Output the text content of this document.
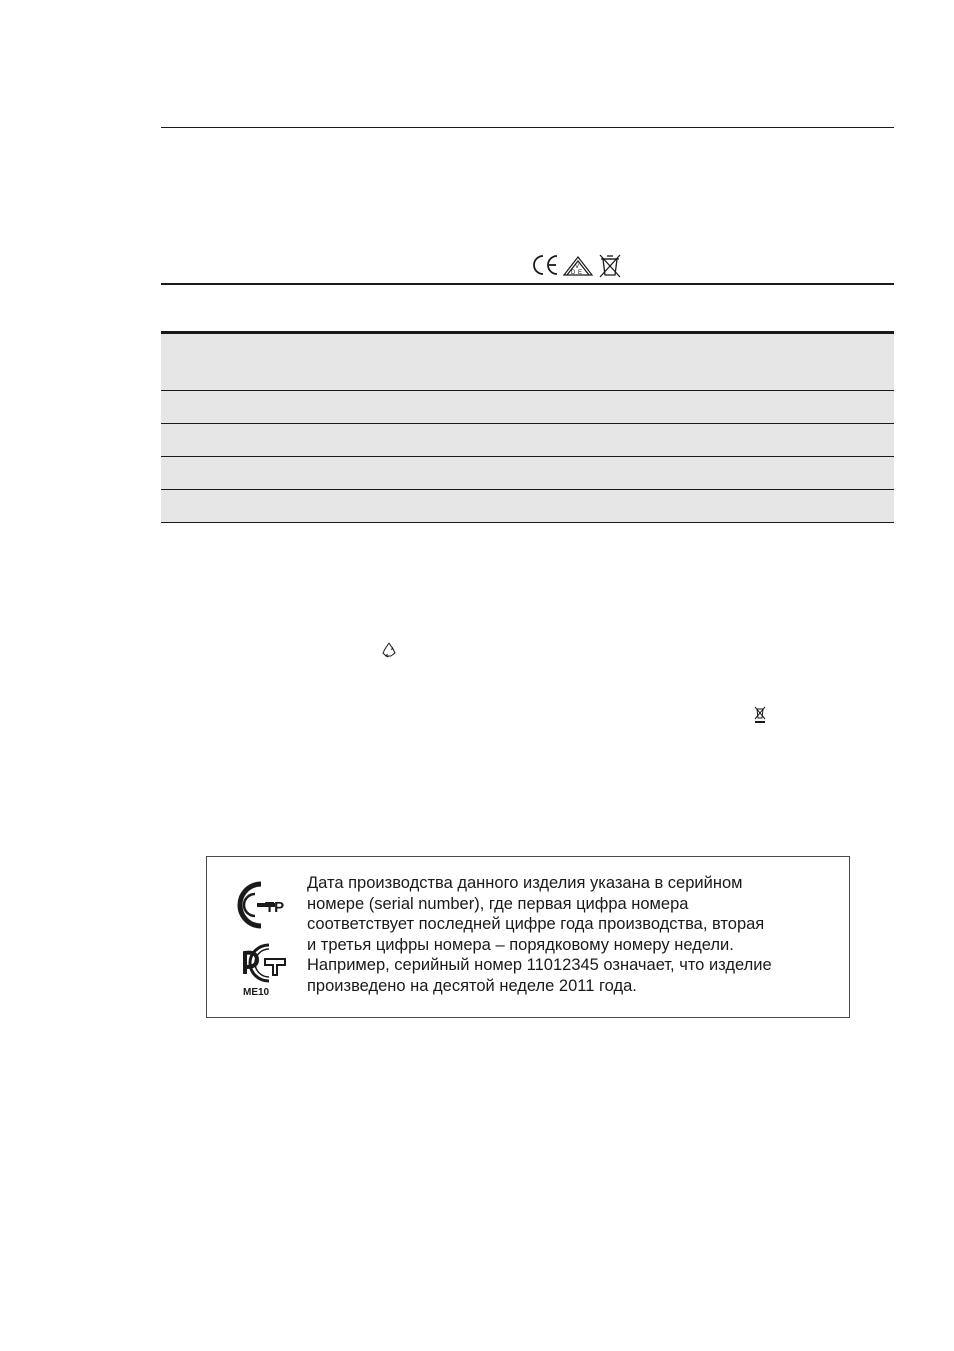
V
D E
ТР
ME10
Дата производства данного изделия указана в серийном
номере (serial number), где первая цифра номера
соответствует последней цифре года производства, вторая
и третья цифры номера – порядковому номеру недели.
Например, серийный номер 11012345 означает, что изделие
произведено на десятой неделе 2011 года.
